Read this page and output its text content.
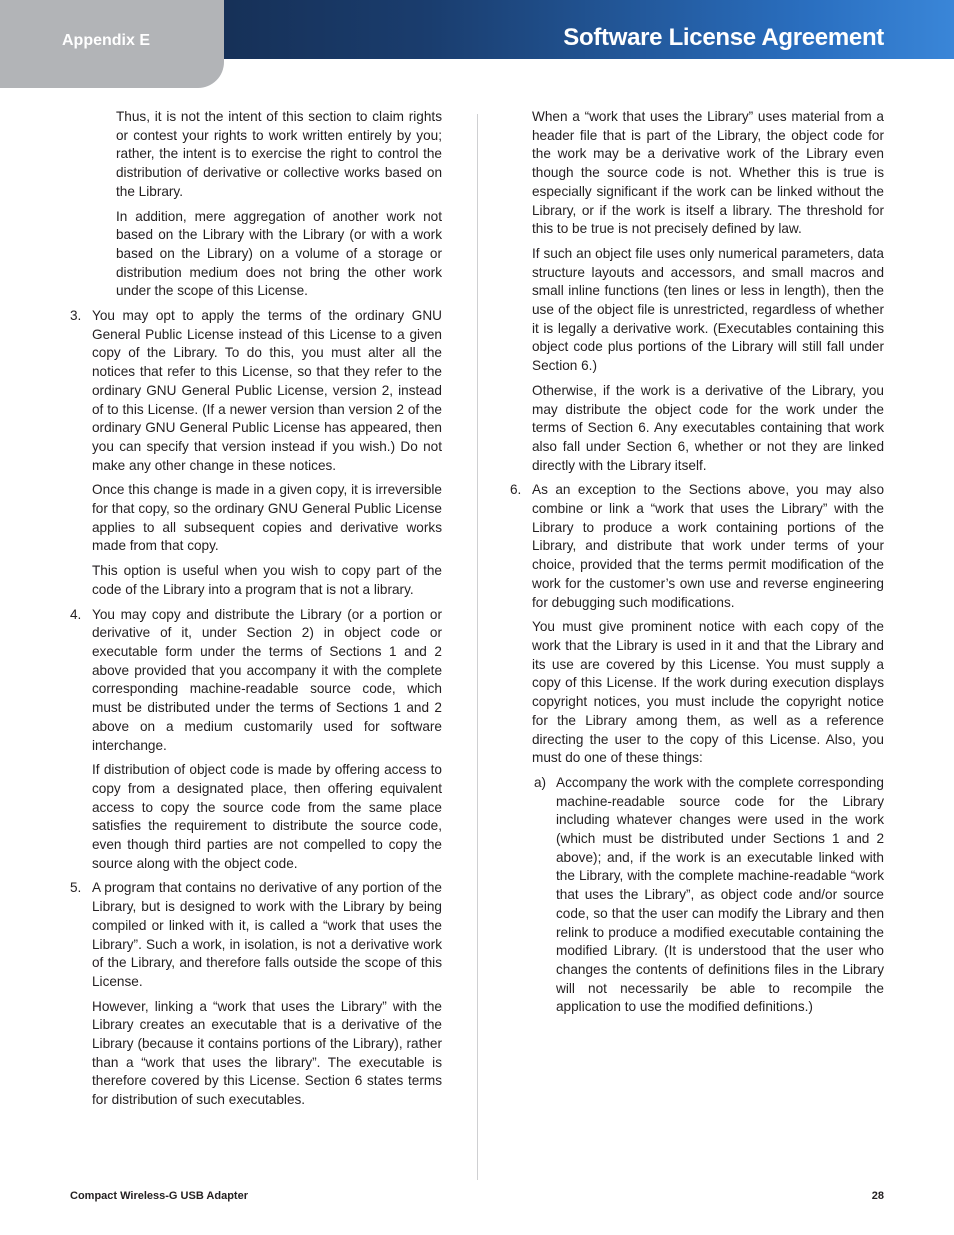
Appendix E	Software License Agreement

Thus, it is not the intent of this section to claim rights or contest your rights to work written entirely by you; rather, the intent is to exercise the right to control the distribution of derivative or collective works based on the Library.

In addition, mere aggregation of another work not based on the Library with the Library (or with a work based on the Library) on a volume of a storage or distribution medium does not bring the other work under the scope of this License.

3. You may opt to apply the terms of the ordinary GNU General Public License instead of this License to a given copy of the Library. To do this, you must alter all the notices that refer to this License, so that they refer to the ordinary GNU General Public License, version 2, instead of to this License. (If a newer version than version 2 of the ordinary GNU General Public License has appeared, then you can specify that version instead if you wish.) Do not make any other change in these notices.

Once this change is made in a given copy, it is irreversible for that copy, so the ordinary GNU General Public License applies to all subsequent copies and derivative works made from that copy.

This option is useful when you wish to copy part of the code of the Library into a program that is not a library.

4. You may copy and distribute the Library (or a portion or derivative of it, under Section 2) in object code or executable form under the terms of Sections 1 and 2 above provided that you accompany it with the complete corresponding machine-readable source code, which must be distributed under the terms of Sections 1 and 2 above on a medium customarily used for software interchange.

If distribution of object code is made by offering access to copy from a designated place, then offering equivalent access to copy the source code from the same place satisfies the requirement to distribute the source code, even though third parties are not compelled to copy the source along with the object code.

5. A program that contains no derivative of any portion of the Library, but is designed to work with the Library by being compiled or linked with it, is called a “work that uses the Library”. Such a work, in isolation, is not a derivative work of the Library, and therefore falls outside the scope of this License.

However, linking a “work that uses the Library” with the Library creates an executable that is a derivative of the Library (because it contains portions of the Library), rather than a “work that uses the library”. The executable is therefore covered by this License. Section 6 states terms for distribution of such executables.

When a “work that uses the Library” uses material from a header file that is part of the Library, the object code for the work may be a derivative work of the Library even though the source code is not. Whether this is true is especially significant if the work can be linked without the Library, or if the work is itself a library. The threshold for this to be true is not precisely defined by law.

If such an object file uses only numerical parameters, data structure layouts and accessors, and small macros and small inline functions (ten lines or less in length), then the use of the object file is unrestricted, regardless of whether it is legally a derivative work. (Executables containing this object code plus portions of the Library will still fall under Section 6.)

Otherwise, if the work is a derivative of the Library, you may distribute the object code for the work under the terms of Section 6. Any executables containing that work also fall under Section 6, whether or not they are linked directly with the Library itself.

6. As an exception to the Sections above, you may also combine or link a “work that uses the Library” with the Library to produce a work containing portions of the Library, and distribute that work under terms of your choice, provided that the terms permit modification of the work for the customer’s own use and reverse engineering for debugging such modifications.

You must give prominent notice with each copy of the work that the Library is used in it and that the Library and its use are covered by this License. You must supply a copy of this License. If the work during execution displays copyright notices, you must include the copyright notice for the Library among them, as well as a reference directing the user to the copy of this License. Also, you must do one of these things:

a) Accompany the work with the complete corresponding machine-readable source code for the Library including whatever changes were used in the work (which must be distributed under Sections 1 and 2 above); and, if the work is an executable linked with the Library, with the complete machine-readable “work that uses the Library”, as object code and/or source code, so that the user can modify the Library and then relink to produce a modified executable containing the modified Library. (It is understood that the user who changes the contents of definitions files in the Library will not necessarily be able to recompile the application to use the modified definitions.)

Compact Wireless-G USB Adapter	28
